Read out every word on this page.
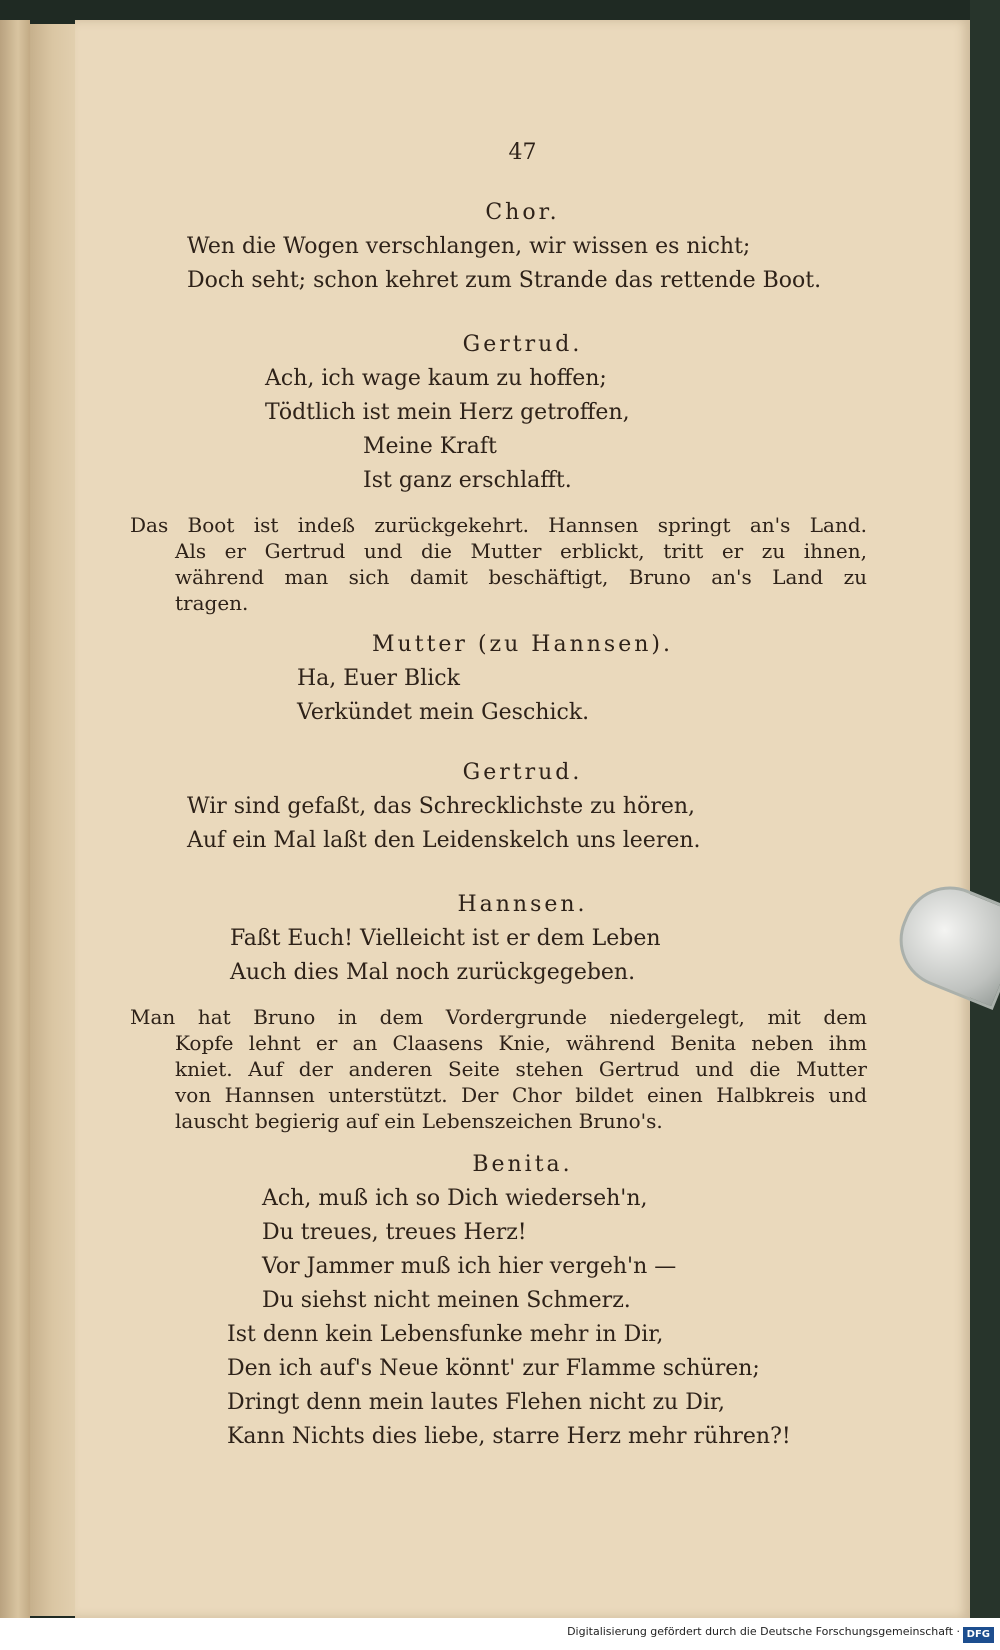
47
Chor.
Wen die Wogen verschlangen, wir wissen es nicht;
Doch seht; schon kehret zum Strande das rettende Boot.
Gertrud.
Ach, ich wage kaum zu hoffen;
Tödtlich ist mein Herz getroffen,
Meine Kraft
Ist ganz erschlafft.
Das Boot ist indeß zurückgekehrt. Hannsen springt an's Land.
Als er Gertrud und die Mutter erblickt, tritt er zu ihnen,
während man sich damit beschäftigt, Bruno an's Land zu
tragen.
Mutter (zu Hannsen).
Ha, Euer Blick
Verkündet mein Geschick.
Gertrud.
Wir sind gefaßt, das Schrecklichste zu hören,
Auf ein Mal laßt den Leidenskelch uns leeren.
Hannsen.
Faßt Euch! Vielleicht ist er dem Leben
Auch dies Mal noch zurückgegeben.
Man hat Bruno in dem Vordergrunde niedergelegt, mit dem
Kopfe lehnt er an Claasens Knie, während Benita neben ihm
kniet. Auf der anderen Seite stehen Gertrud und die Mutter
von Hannsen unterstützt. Der Chor bildet einen Halbkreis und
lauscht begierig auf ein Lebenszeichen Bruno's.
Benita.
Ach, muß ich so Dich wiederseh'n,
Du treues, treues Herz!
Vor Jammer muß ich hier vergeh'n —
Du siehst nicht meinen Schmerz.
Ist denn kein Lebensfunke mehr in Dir,
Den ich auf's Neue könnt' zur Flamme schüren;
Dringt denn mein lautes Flehen nicht zu Dir,
Kann Nichts dies liebe, starre Herz mehr rühren?!
Digitalisierung gefördert durch die Deutsche Forschungsgemeinschaft · DFG
